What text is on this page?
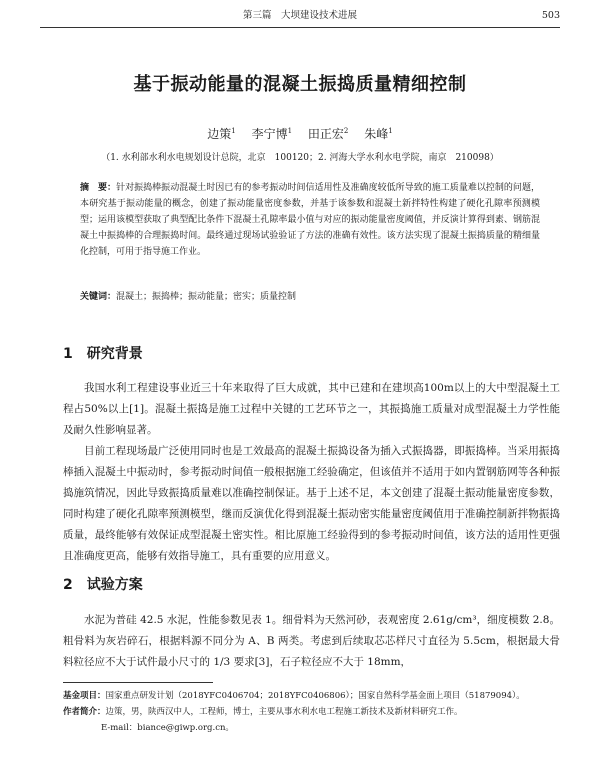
第三篇　大坝建设技术进展	503
基于振动能量的混凝土振捣质量精细控制
边策$^1$ 李宁博$^1$ 田正宏$^2$ 朱峰$^1$
（1. 水利部水利水电规划设计总院，北京　100120；2. 河海大学水利水电学院，南京　210098）
摘　要：针对振捣棒振动混凝土时因已有的参考振动时间信适用性及准确度较低所导致的施工质量难以控制的问题，本研究基于振动能量的概念，创建了振动能量密度参数，并基于该参数和混凝土新拌特性构建了硬化孔隙率预测模型；运用该模型获取了典型配比条件下混凝土孔隙率最小值与对应的振动能量密度阈值，并反演计算得到素、钢筋混凝土中振捣棒的合理振捣时间。最终通过现场试验验证了方法的准确有效性。该方法实现了混凝土振捣质量的精细量化控制，可用于指导施工作业。
关键词：混凝土；振捣棒；振动能量；密实；质量控制
1 研究背景

我国水利工程建设事业近三十年来取得了巨大成就，其中已建和在建坝高100m以上的大中型混凝土工程占50%以上[1]。混凝土振捣是施工过程中关键的工艺环节之一，其振捣施工质量对成型混凝土力学性能及耐久性影响显著。

目前工程现场最广泛使用同时也是工效最高的混凝土振捣设备为插入式振捣器，即振捣棒。当采用振捣棒插入混凝土中振动时，参考振动时间值一般根据施工经验确定，但该值并不适用于如内置钢筋网等各种振捣施筑情况，因此导致振捣质量难以准确控制保证。基于上述不足，本文创建了混凝土振动能量密度参数，同时构建了硬化孔隙率预测模型，继而反演优化得到混凝土振动密实能量密度阈值用于准确控制新拌物振捣质量，最终能够有效保证成型混凝土密实性。相比原施工经验得到的参考振动时间值，该方法的适用性更强且准确度更高，能够有效指导施工，具有重要的应用意义。

2 试验方案

水泥为普硅 42.5 水泥，性能参数见表 1。细骨料为天然河砂，表观密度 2.61g/cm³，细度模数 2.8。粗骨料为灰岩碎石，根据料源不同分为 A、B 两类。考虑到后续取芯芯样尺寸直径为 5.5cm，根据最大骨料粒径应不大于试件最小尺寸的 1/3 要求[3]，石子粒径应不大于 18mm，

基金项目：国家重点研发计划（2018YFC0406704；2018YFC0406806）；国家自然科学基金面上项目（51879094）。
作者简介：边策，男，陕西汉中人，工程师，博士，主要从事水利水电工程施工新技术及新材料研究工作。
E-mail：biance@giwp.org.cn。
